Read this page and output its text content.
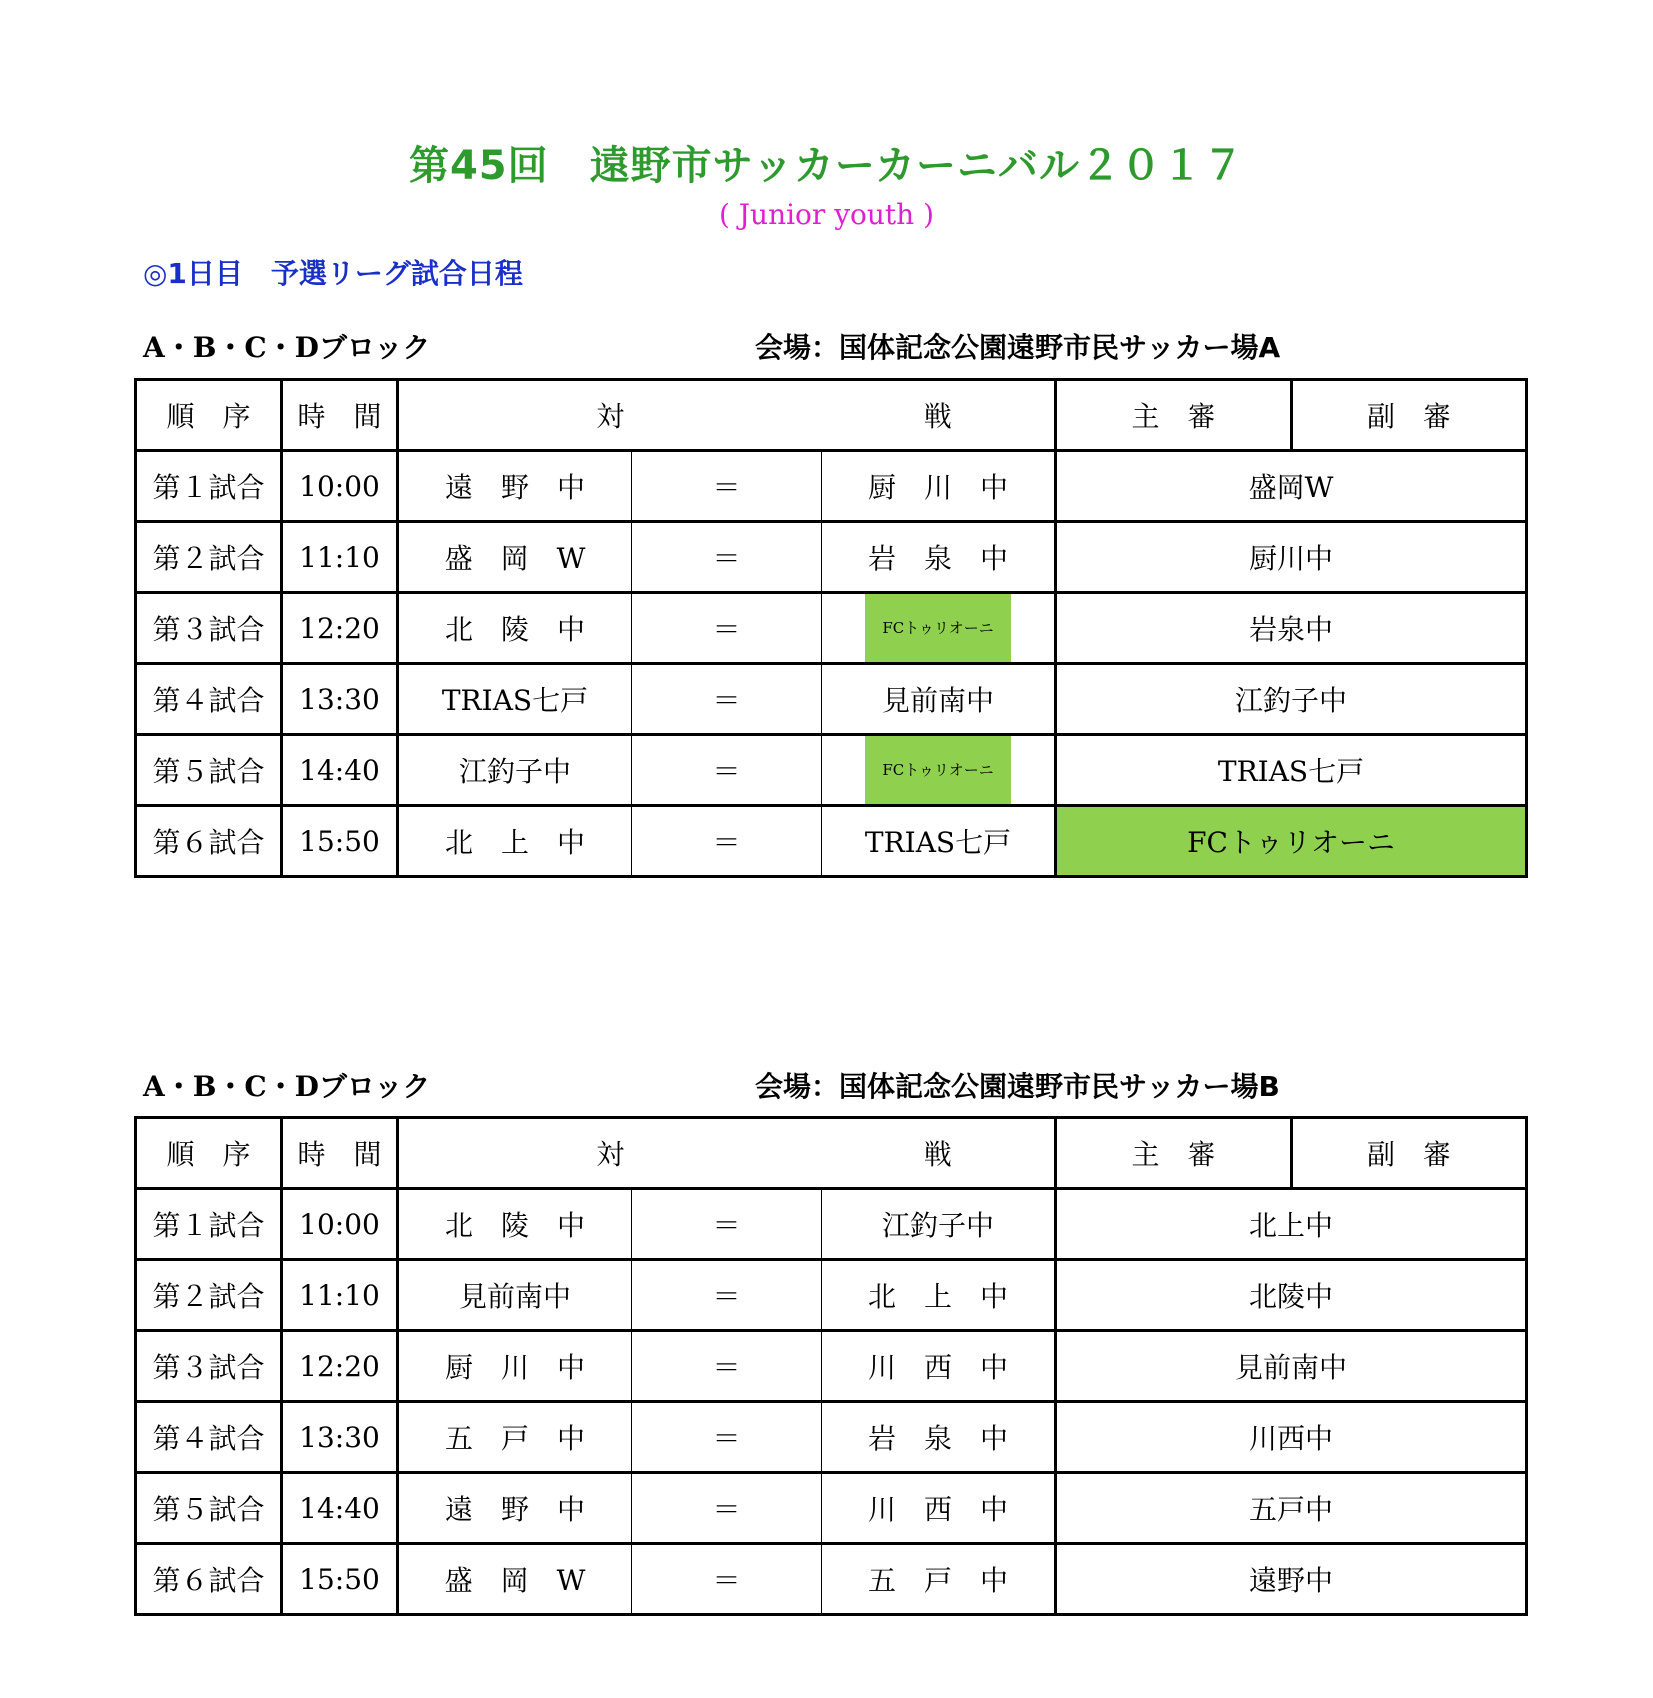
第45回　遠野市サッカーカーニバル２０１７
( Junior youth )
◎1日目　予選リーグ試合日程
A・B・C・Dブロック	会場：国体記念公園遠野市民サッカー場A
順　序	時　間	対		戦	主　審	副　審
第１試合	10:00	遠　野　中	＝	厨　川　中	盛岡W	
第２試合	11:10	盛　岡　W	＝	岩　泉　中	厨川中	
第３試合	12:20	北　陵　中	＝	FCトゥリオーニ	岩泉中	
第４試合	13:30	TRIAS七戸	＝	見前南中	江釣子中	
第５試合	14:40	江釣子中	＝	FCトゥリオーニ	TRIAS七戸	
第６試合	15:50	北　上　中	＝	TRIAS七戸	FCトゥリオーニ	
A・B・C・Dブロック	会場：国体記念公園遠野市民サッカー場B
順　序	時　間	対		戦	主　審	副　審
第１試合	10:00	北　陵　中	＝	江釣子中	北上中	
第２試合	11:10	見前南中	＝	北　上　中	北陵中	
第３試合	12:20	厨　川　中	＝	川　西　中	見前南中	
第４試合	13:30	五　戸　中	＝	岩　泉　中	川西中	
第５試合	14:40	遠　野　中	＝	川　西　中	五戸中	
第６試合	15:50	盛　岡　W	＝	五　戸　中	遠野中	
